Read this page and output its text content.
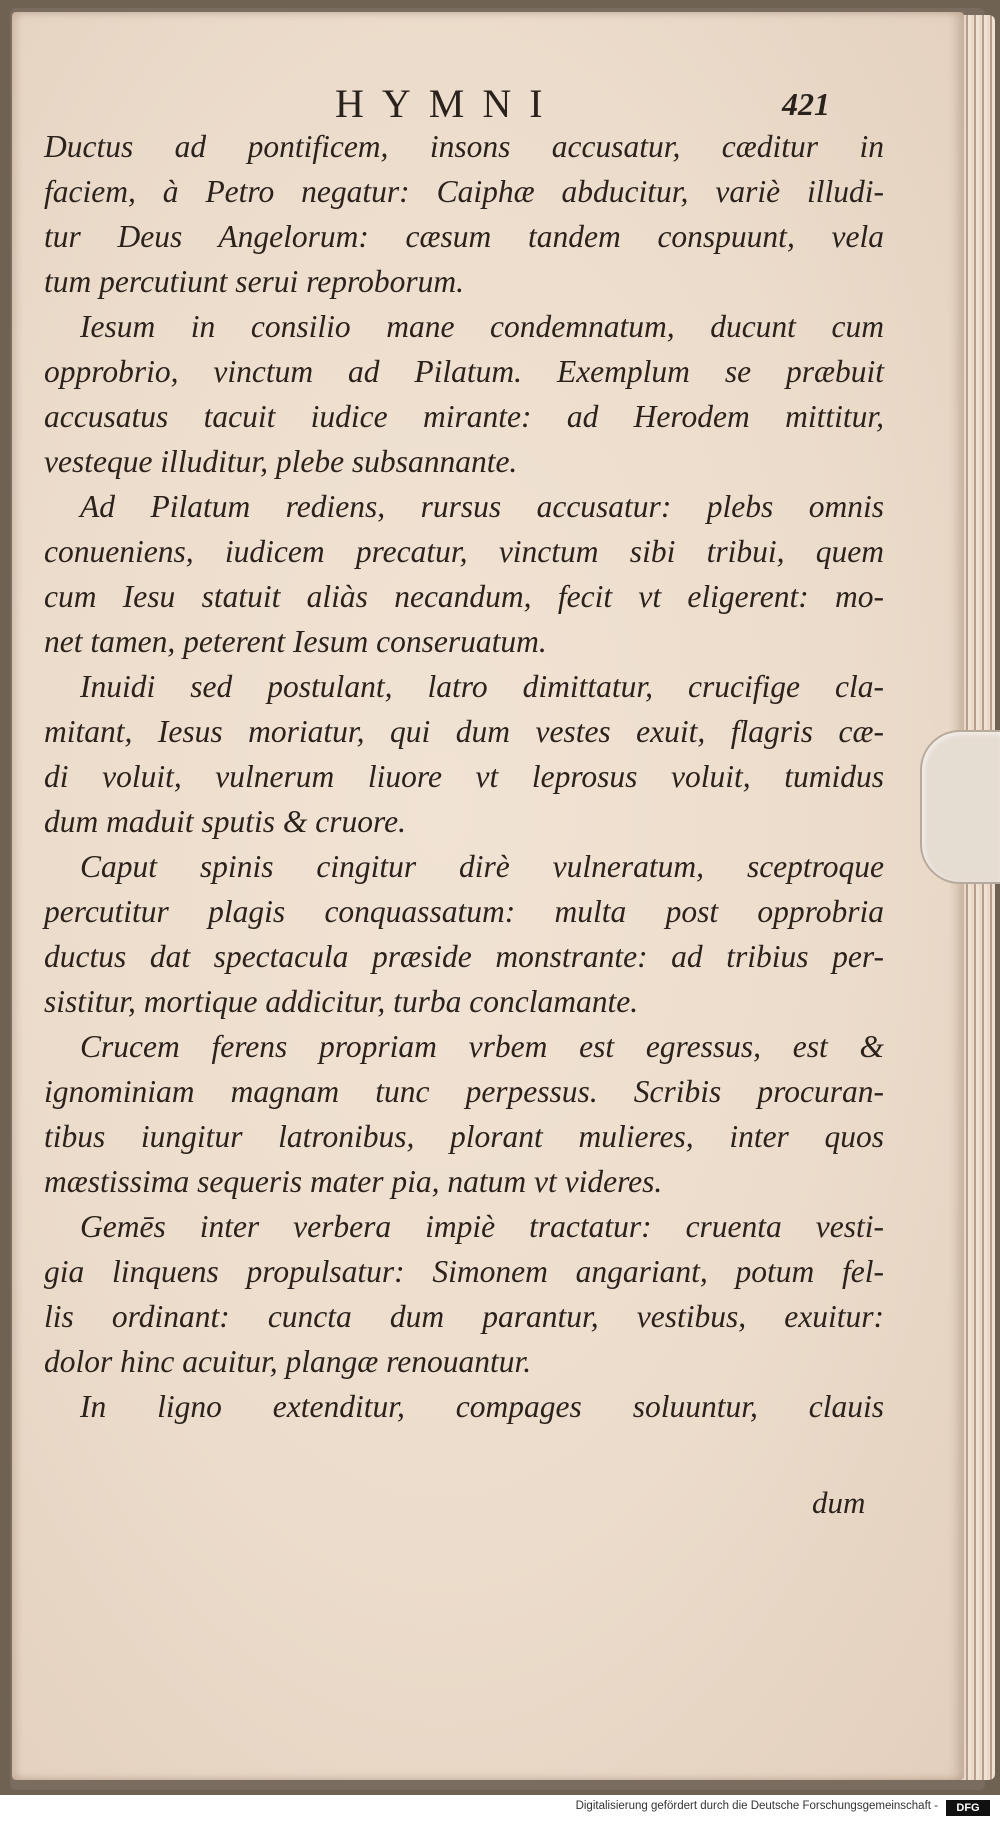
HYMNI	421
Ductus ad pontificem, insons accusatur, cæditur in
faciem, à Petro negatur: Caiphæ abducitur, variè illudi-
tur Deus Angelorum: cæsum tandem conspuunt, vela
tum percutiunt serui reproborum.
Iesum in consilio mane condemnatum, ducunt cum
opprobrio, vinctum ad Pilatum. Exemplum se præbuit
accusatus tacuit iudice mirante: ad Herodem mittitur,
vesteque illuditur, plebe subsannante.
Ad Pilatum rediens, rursus accusatur: plebs omnis
conueniens, iudicem precatur, vinctum sibi tribui, quem
cum Iesu statuit aliàs necandum, fecit vt eligerent: mo-
net tamen, peterent Iesum conseruatum.
Inuidi sed postulant, latro dimittatur, crucifige cla-
mitant, Iesus moriatur, qui dum vestes exuit, flagris cæ-
di voluit, vulnerum liuore vt leprosus voluit, tumidus
dum maduit sputis & cruore.
Caput spinis cingitur dirè vulneratum, sceptroque
percutitur plagis conquassatum: multa post opprobria
ductus dat spectacula præside monstrante: ad tribius per-
sistitur, mortique addicitur, turba conclamante.
Crucem ferens propriam vrbem est egressus, est &
ignominiam magnam tunc perpessus. Scribis procuran-
tibus iungitur latronibus, plorant mulieres, inter quos
mæstissima sequeris mater pia, natum vt videres.
Gemēs inter verbera impiè tractatur: cruenta vesti-
gia linquens propulsatur: Simonem angariant, potum fel-
lis ordinant: cuncta dum parantur, vestibus, exuitur:
dolor hinc acuitur, plangæ renouantur.
In ligno extenditur, compages soluuntur, clauis
dum
Digitalisierung gefördert durch die Deutsche Forschungsgemeinschaft -	DFG
